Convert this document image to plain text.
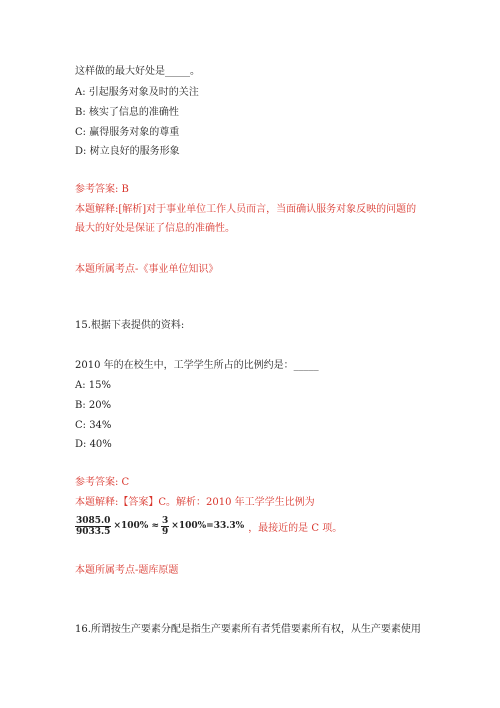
这样做的最大好处是_____。
A: 引起服务对象及时的关注
B: 核实了信息的准确性
C: 赢得服务对象的尊重
D: 树立良好的服务形象
参考答案: B
本题解释:[解析]对于事业单位工作人员而言，当面确认服务对象反映的问题的
最大的好处是保证了信息的准确性。
本题所属考点-《事业单位知识》
15.根据下表提供的资料:
2010 年的在校生中，工学学生所占的比例约是：_____
A: 15%
B: 20%
C: 34%
D: 40%
参考答案: C
本题解释:【答案】C。解析：2010 年工学学生比例为
$\frac{3085.0}{9033.5} \times 100\% \approx \frac{3}{9} \times 100\%=33.3\%$ ，最接近的是 C 项。
本题所属考点-题库原题
16.所谓按生产要素分配是指生产要素所有者凭借要素所有权，从生产要素使用
